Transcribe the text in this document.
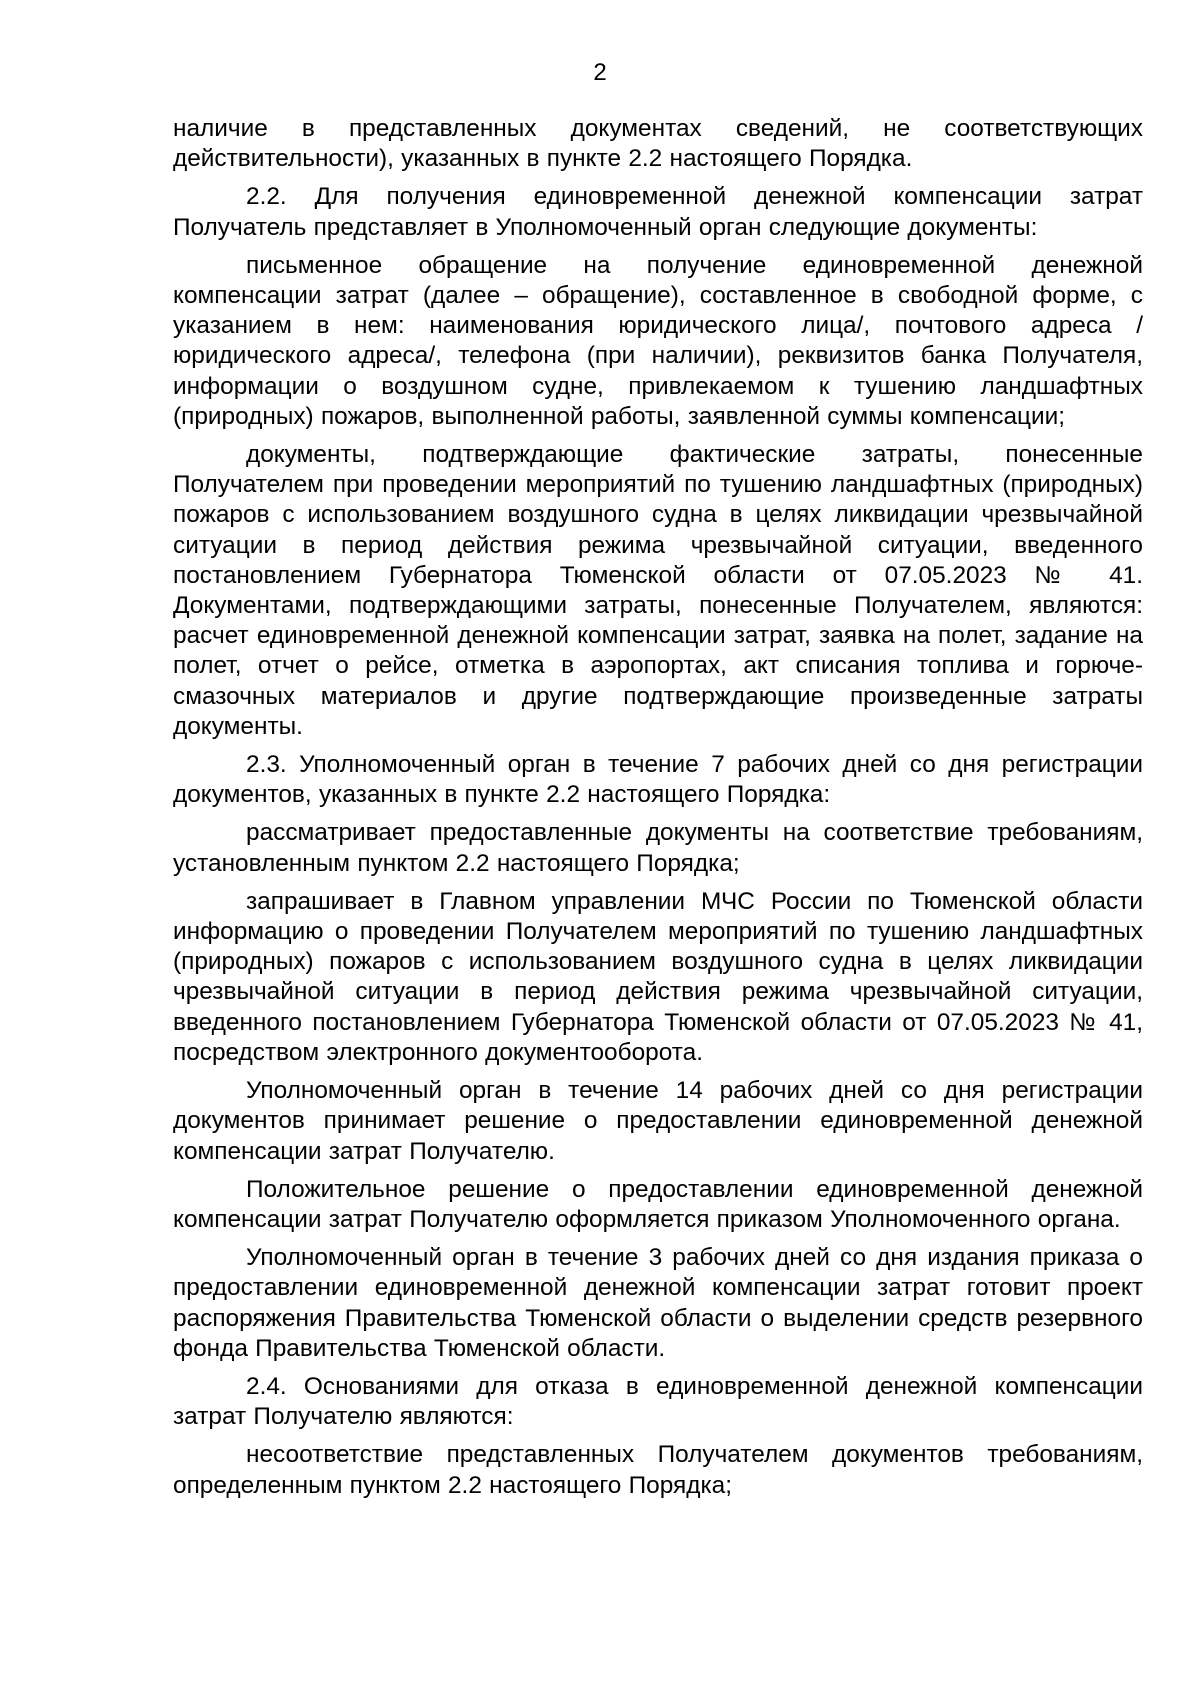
2

наличие в представленных документах сведений, не соответствующих действительности), указанных в пункте 2.2 настоящего Порядка.

2.2. Для получения единовременной денежной компенсации затрат Получатель представляет в Уполномоченный орган следующие документы:

письменное обращение на получение единовременной денежной компенсации затрат (далее – обращение), составленное в свободной форме, с указанием в нем: наименования юридического лица/, почтового адреса /юридического адреса/, телефона (при наличии), реквизитов банка Получателя, информации о воздушном судне, привлекаемом к тушению ландшафтных (природных) пожаров, выполненной работы, заявленной суммы компенсации;

документы, подтверждающие фактические затраты, понесенные Получателем при проведении мероприятий по тушению ландшафтных (природных) пожаров с использованием воздушного судна в целях ликвидации чрезвычайной ситуации в период действия режима чрезвычайной ситуации, введенного постановлением Губернатора Тюменской области от 07.05.2023 № 41. Документами, подтверждающими затраты, понесенные Получателем, являются: расчет единовременной денежной компенсации затрат, заявка на полет, задание на полет, отчет о рейсе, отметка в аэропортах, акт списания топлива и горюче-смазочных материалов и другие подтверждающие произведенные затраты документы.

2.3. Уполномоченный орган в течение 7 рабочих дней со дня регистрации документов, указанных в пункте 2.2 настоящего Порядка:

рассматривает предоставленные документы на соответствие требованиям, установленным пунктом 2.2 настоящего Порядка;

запрашивает в Главном управлении МЧС России по Тюменской области информацию о проведении Получателем мероприятий по тушению ландшафтных (природных) пожаров с использованием воздушного судна в целях ликвидации чрезвычайной ситуации в период действия режима чрезвычайной ситуации, введенного постановлением Губернатора Тюменской области от 07.05.2023 № 41, посредством электронного документооборота.

Уполномоченный орган в течение 14 рабочих дней со дня регистрации документов принимает решение о предоставлении единовременной денежной компенсации затрат Получателю.

Положительное решение о предоставлении единовременной денежной компенсации затрат Получателю оформляется приказом Уполномоченного органа.

Уполномоченный орган в течение 3 рабочих дней со дня издания приказа о предоставлении единовременной денежной компенсации затрат готовит проект распоряжения Правительства Тюменской области о выделении средств резервного фонда Правительства Тюменской области.

2.4. Основаниями для отказа в единовременной денежной компенсации затрат Получателю являются:

несоответствие представленных Получателем документов требованиям, определенным пунктом 2.2 настоящего Порядка;
